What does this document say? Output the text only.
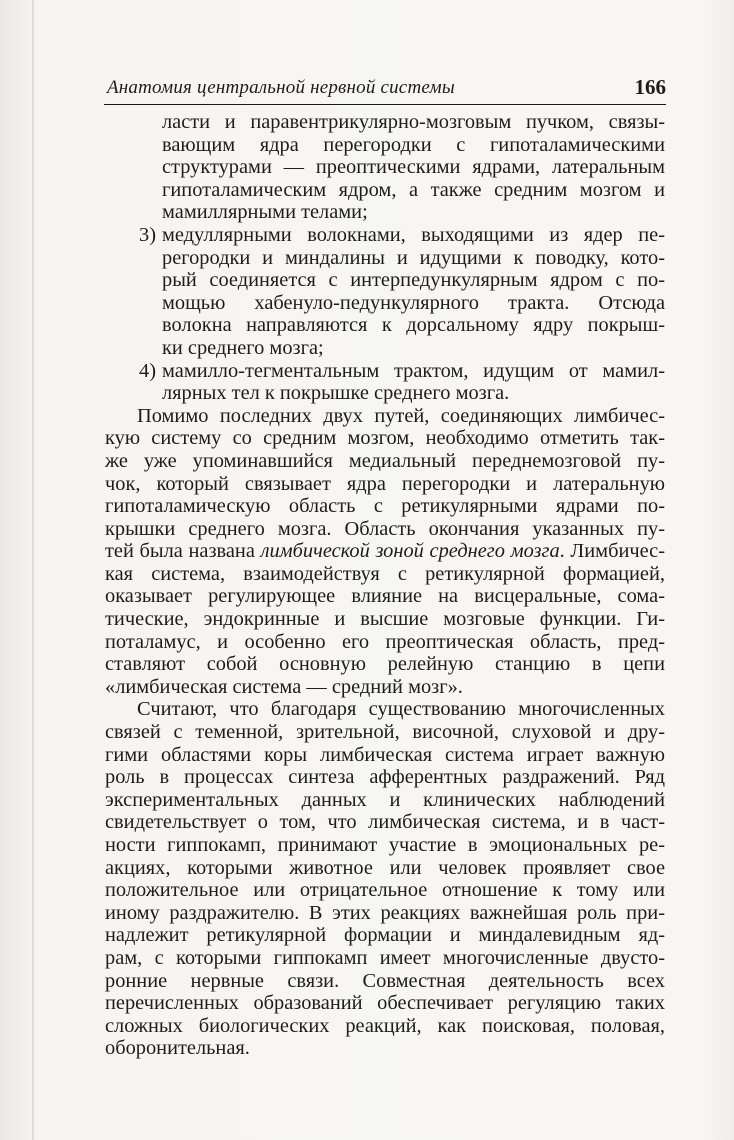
Анатомия центральной нервной системы	166
ласти и паравентрикулярно-мозговым пучком, связы-
вающим ядра перегородки с гипоталамическими
структурами — преоптическими ядрами, латеральным
гипоталамическим ядром, а также средним мозгом и
мамиллярными телами;
3) медуллярными волокнами, выходящими из ядер пе-
регородки и миндалины и идущими к поводку, кото-
рый соединяется с интерпедункулярным ядром с по-
мощью хабенуло-педункулярного тракта. Отсюда
волокна направляются к дорсальному ядру покрыш-
ки среднего мозга;
4) мамилло-тегментальным трактом, идущим от мамил-
лярных тел к покрышке среднего мозга.
Помимо последних двух путей, соединяющих лимбичес-
кую систему со средним мозгом, необходимо отметить так-
же уже упоминавшийся медиальный переднемозговой пу-
чок, который связывает ядра перегородки и латеральную
гипоталамическую область с ретикулярными ядрами по-
крышки среднего мозга. Область окончания указанных пу-
тей была названа лимбической зоной среднего мозга. Лимбичес-
кая система, взаимодействуя с ретикулярной формацией,
оказывает регулирующее влияние на висцеральные, сома-
тические, эндокринные и высшие мозговые функции. Ги-
поталамус, и особенно его преоптическая область, пред-
ставляют собой основную релейную станцию в цепи
«лимбическая система — средний мозг».
Считают, что благодаря существованию многочисленных
связей с теменной, зрительной, височной, слуховой и дру-
гими областями коры лимбическая система играет важную
роль в процессах синтеза афферентных раздражений. Ряд
экспериментальных данных и клинических наблюдений
свидетельствует о том, что лимбическая система, и в част-
ности гиппокамп, принимают участие в эмоциональных ре-
акциях, которыми животное или человек проявляет свое
положительное или отрицательное отношение к тому или
иному раздражителю. В этих реакциях важнейшая роль при-
надлежит ретикулярной формации и миндалевидным яд-
рам, с которыми гиппокамп имеет многочисленные двусто-
ронние нервные связи. Совместная деятельность всех
перечисленных образований обеспечивает регуляцию таких
сложных биологических реакций, как поисковая, половая,
оборонительная.
